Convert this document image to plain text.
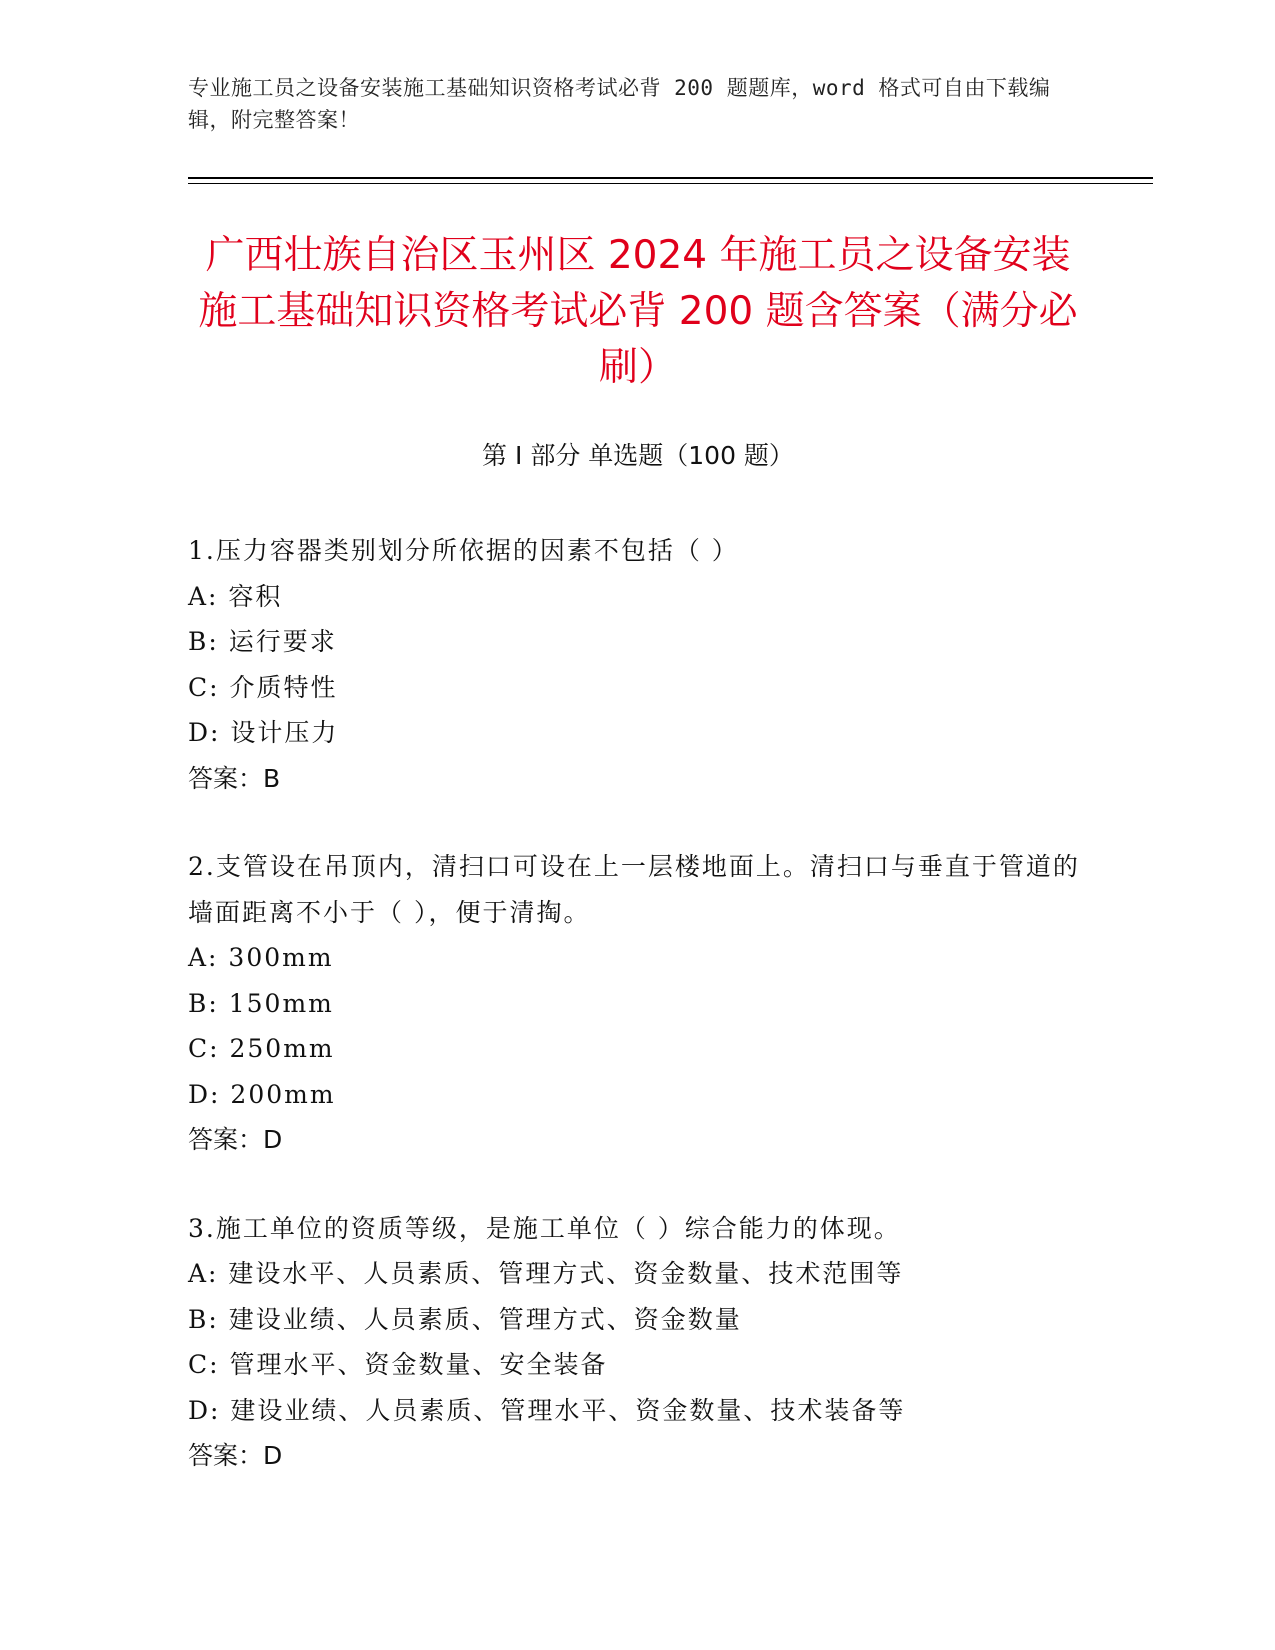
专业施工员之设备安装施工基础知识资格考试必背 200 题题库，word 格式可自由下载编辑，附完整答案！
广西壮族自治区玉州区 2024 年施工员之设备安装施工基础知识资格考试必背 200 题含答案（满分必刷）
第 I 部分 单选题（100 题）

1.压力容器类别划分所依据的因素不包括（ ）

A: 容积

B: 运行要求

C: 介质特性

D: 设计压力

答案：B

2.支管设在吊顶内，清扫口可设在上一层楼地面上。清扫口与垂直于管道的墙面距离不小于（ ），便于清掏。

A: 300mm

B: 150mm

C: 250mm

D: 200mm

答案：D

3.施工单位的资质等级，是施工单位（ ）综合能力的体现。

A: 建设水平、人员素质、管理方式、资金数量、技术范围等

B: 建设业绩、人员素质、管理方式、资金数量

C: 管理水平、资金数量、安全装备

D: 建设业绩、人员素质、管理水平、资金数量、技术装备等

答案：D
